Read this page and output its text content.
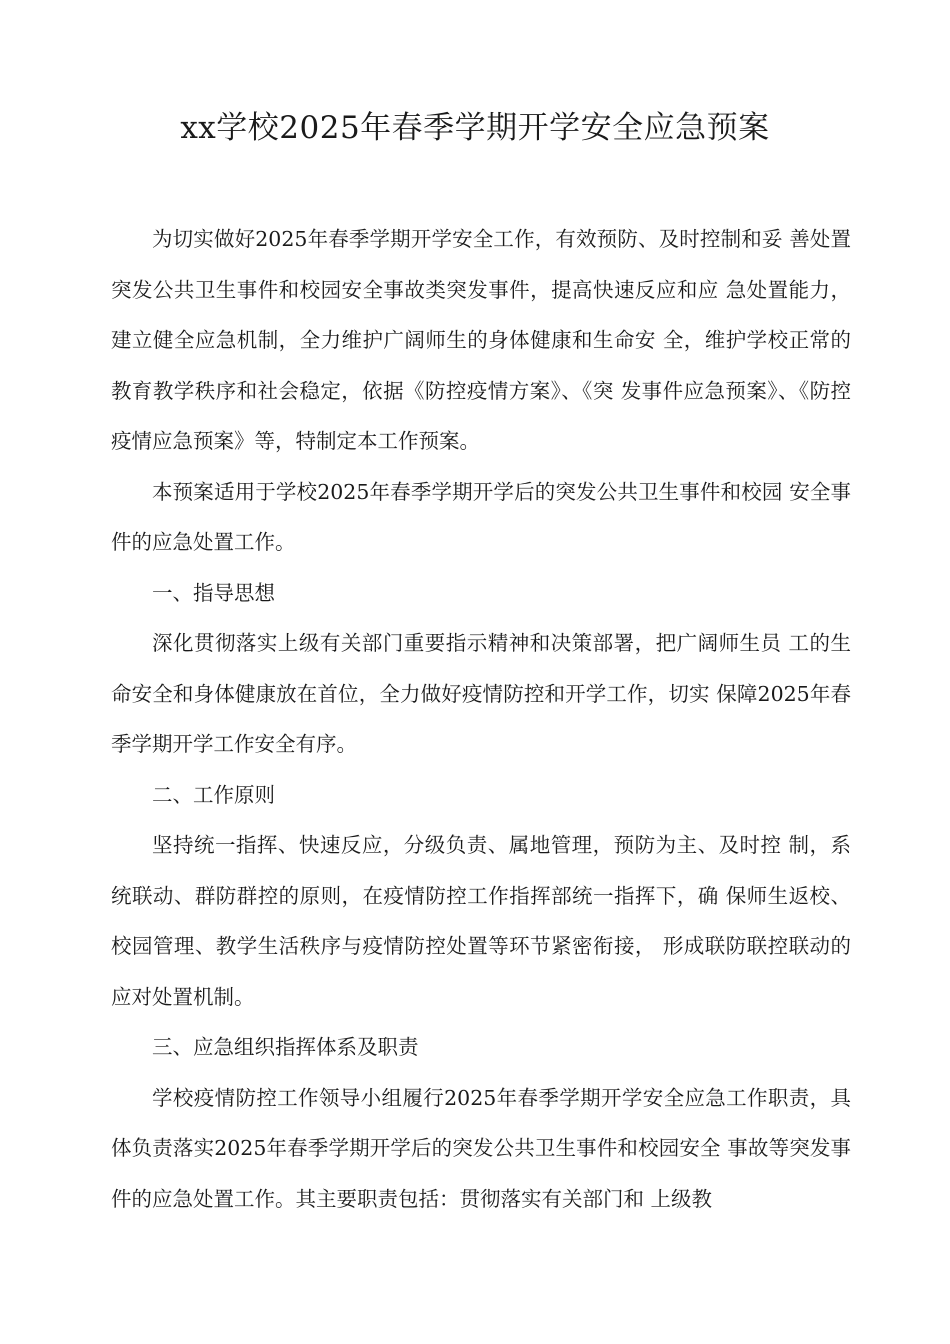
xx学校2025年春季学期开学安全应急预案

为切实做好2025年春季学期开学安全工作，有效预防、及时控制和妥 善处置突发公共卫生事件和校园安全事故类突发事件，提高快速反应和应 急处置能力，建立健全应急机制，全力维护广阔师生的身体健康和生命安 全，维护学校正常的教育教学秩序和社会稳定，依据《防控疫情方案》、《突 发事件应急预案》、《防控疫情应急预案》等，特制定本工作预案。

本预案适用于学校2025年春季学期开学后的突发公共卫生事件和校园 安全事件的应急处置工作。

一、指导思想

深化贯彻落实上级有关部门重要指示精神和决策部署，把广阔师生员 工的生命安全和身体健康放在首位，全力做好疫情防控和开学工作，切实 保障2025年春季学期开学工作安全有序。

二、工作原则

坚持统一指挥、快速反应，分级负责、属地管理，预防为主、及时控 制，系统联动、群防群控的原则，在疫情防控工作指挥部统一指挥下，确 保师生返校、校园管理、教学生活秩序与疫情防控处置等环节紧密衔接， 形成联防联控联动的应对处置机制。

三、应急组织指挥体系及职责

学校疫情防控工作领导小组履行2025年春季学期开学安全应急工作职责，具体负责落实2025年春季学期开学后的突发公共卫生事件和校园安全 事故等突发事件的应急处置工作。其主要职责包括：贯彻落实有关部门和 上级教
